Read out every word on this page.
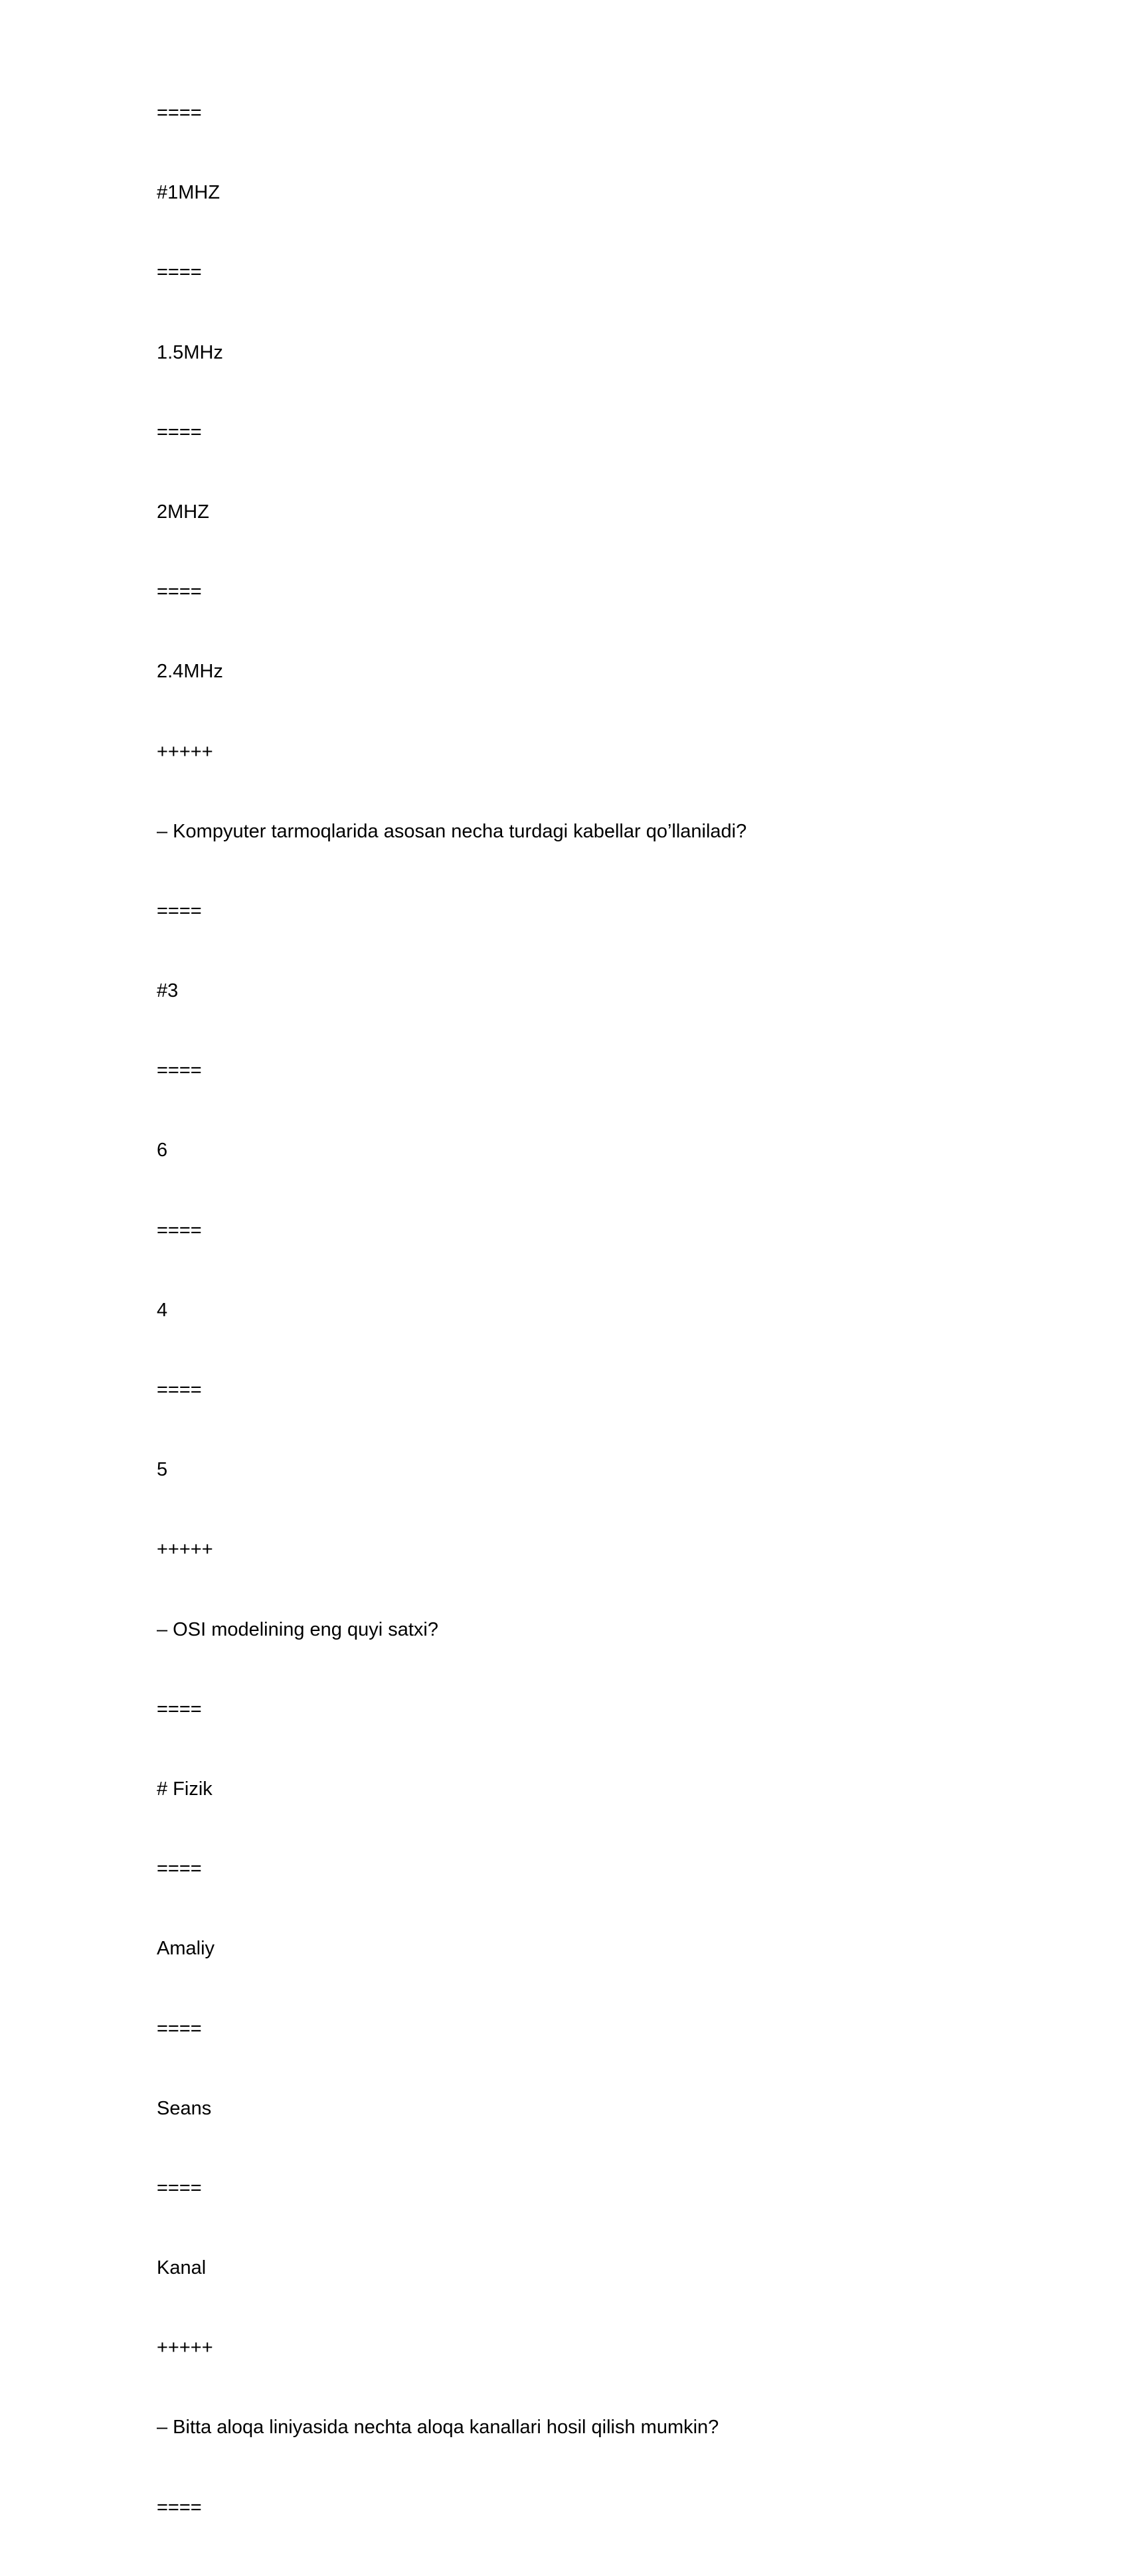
====

#1MHZ

====

1.5MHz

====

2MHZ

====

2.4MHz

+++++

– Kompyuter tarmoqlarida asosan necha turdagi kabellar qo’llaniladi?

====

#3

====

6

====

4

====

5

+++++

– OSI modelining eng quyi satxi?

====

# Fizik

====

Amaliy

====

Seans

====

Kanal

+++++

– Bitta aloqa liniyasida nechta aloqa kanallari hosil qilish mumkin?

====
